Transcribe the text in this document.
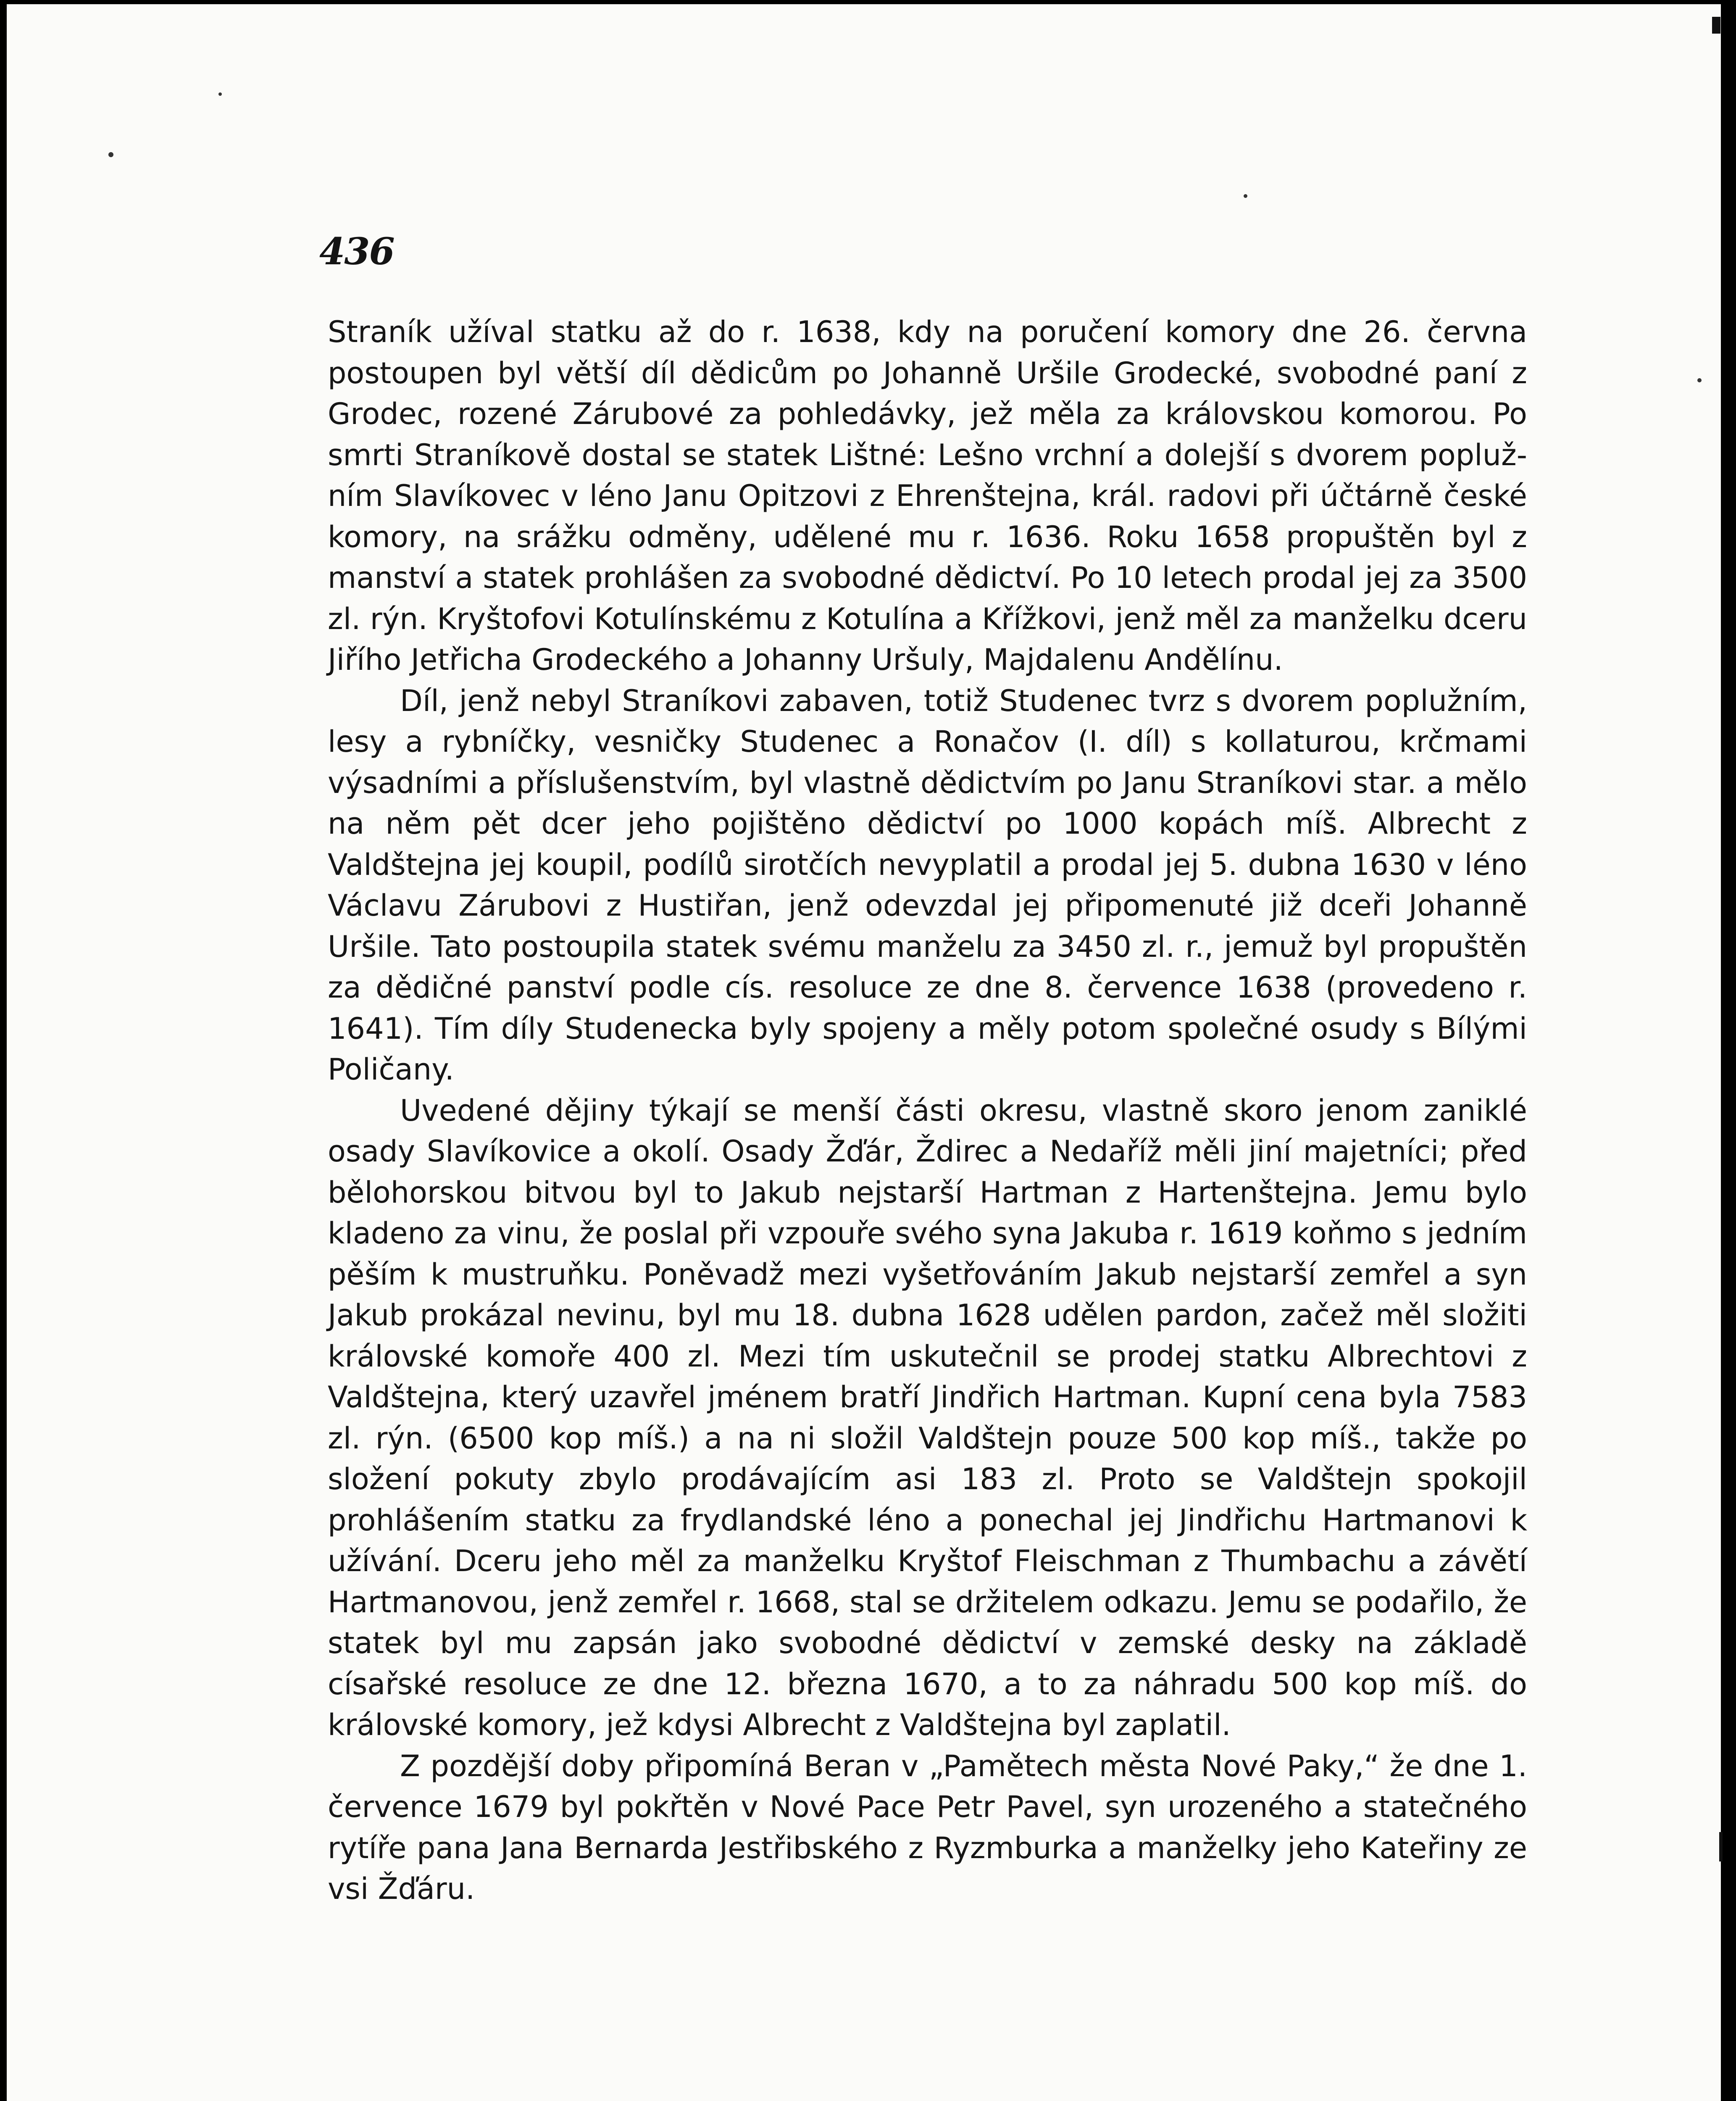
436

Straník užíval statku až do r. 1638, kdy na poručení komory dne 26. června postoupen byl větší díl dědicům po Johanně Uršile Grodecké, svobodné paní z Grodec, rozené Zárubové za pohledávky, jež měla za královskou komorou. Po smrti Straníkově dostal se statek Lištné: Lešno vrchní a dolejší s dvorem poplužním Slavíkovec v léno Janu Opitzovi z Ehrenštejna, král. radovi při účtárně české komory, na srážku odměny, udělené mu r. 1636. Roku 1658 propuštěn byl z manství a statek prohlášen za svobodné dědictví. Po 10 letech prodal jej za 3500 zl. rýn. Kryštofovi Kotulínskému z Kotulína a Křížkovi, jenž měl za manželku dceru Jiřího Jetřicha Grodeckého a Johanny Uršuly, Majdalenu Andělínu.

Díl, jenž nebyl Straníkovi zabaven, totiž Studenec tvrz s dvorem poplužním, lesy a rybníčky, vesničky Studenec a Ronačov (I. díl) s kollaturou, krčmami výsadními a příslušenstvím, byl vlastně dědictvím po Janu Straníkovi star. a mělo na něm pět dcer jeho pojištěno dědictví po 1000 kopách míš. Albrecht z Valdštejna jej koupil, podílů sirotčích nevyplatil a prodal jej 5. dubna 1630 v léno Václavu Zárubovi z Hustiřan, jenž odevzdal jej připomenuté již dceři Johanně Uršile. Tato postoupila statek svému manželu za 3450 zl. r., jemuž byl propuštěn za dědičné panství podle cís. resoluce ze dne 8. července 1638 (provedeno r. 1641). Tím díly Studenecka byly spojeny a měly potom společné osudy s Bílými Poličany.

Uvedené dějiny týkají se menší části okresu, vlastně skoro jenom zaniklé osady Slavíkovice a okolí. Osady Žďár, Ždirec a Nedaříž měli jiní majetníci; před bělohorskou bitvou byl to Jakub nejstarší Hartman z Hartenštejna. Jemu bylo kladeno za vinu, že poslal při vzpouře svého syna Jakuba r. 1619 koňmo s jedním pěším k mustruňku. Poněvadž mezi vyšetřováním Jakub nejstarší zemřel a syn Jakub prokázal nevinu, byl mu 18. dubna 1628 udělen pardon, začež měl složiti královské komoře 400 zl. Mezi tím uskutečnil se prodej statku Albrechtovi z Valdštejna, který uzavřel jménem bratří Jindřich Hartman. Kupní cena byla 7583 zl. rýn. (6500 kop míš.) a na ni složil Valdštejn pouze 500 kop míš., takže po složení pokuty zbylo prodávajícím asi 183 zl. Proto se Valdštejn spokojil prohlášením statku za frydlandské léno a ponechal jej Jindřichu Hartmanovi k užívání. Dceru jeho měl za manželku Kryštof Fleischman z Thumbachu a závětí Hartmanovou, jenž zemřel r. 1668, stal se držitelem odkazu. Jemu se podařilo, že statek byl mu zapsán jako svobodné dědictví v zemské desky na základě císařské resoluce ze dne 12. března 1670, a to za náhradu 500 kop míš. do královské komory, jež kdysi Albrecht z Valdštejna byl zaplatil.

Z pozdější doby připomíná Beran v „Pamětech města Nové Paky,“ že dne 1. července 1679 byl pokřtěn v Nové Pace Petr Pavel, syn urozeného a statečného rytíře pana Jana Bernarda Jestřibského z Ryzmburka a manželky jeho Kateřiny ze vsi Žďáru.
